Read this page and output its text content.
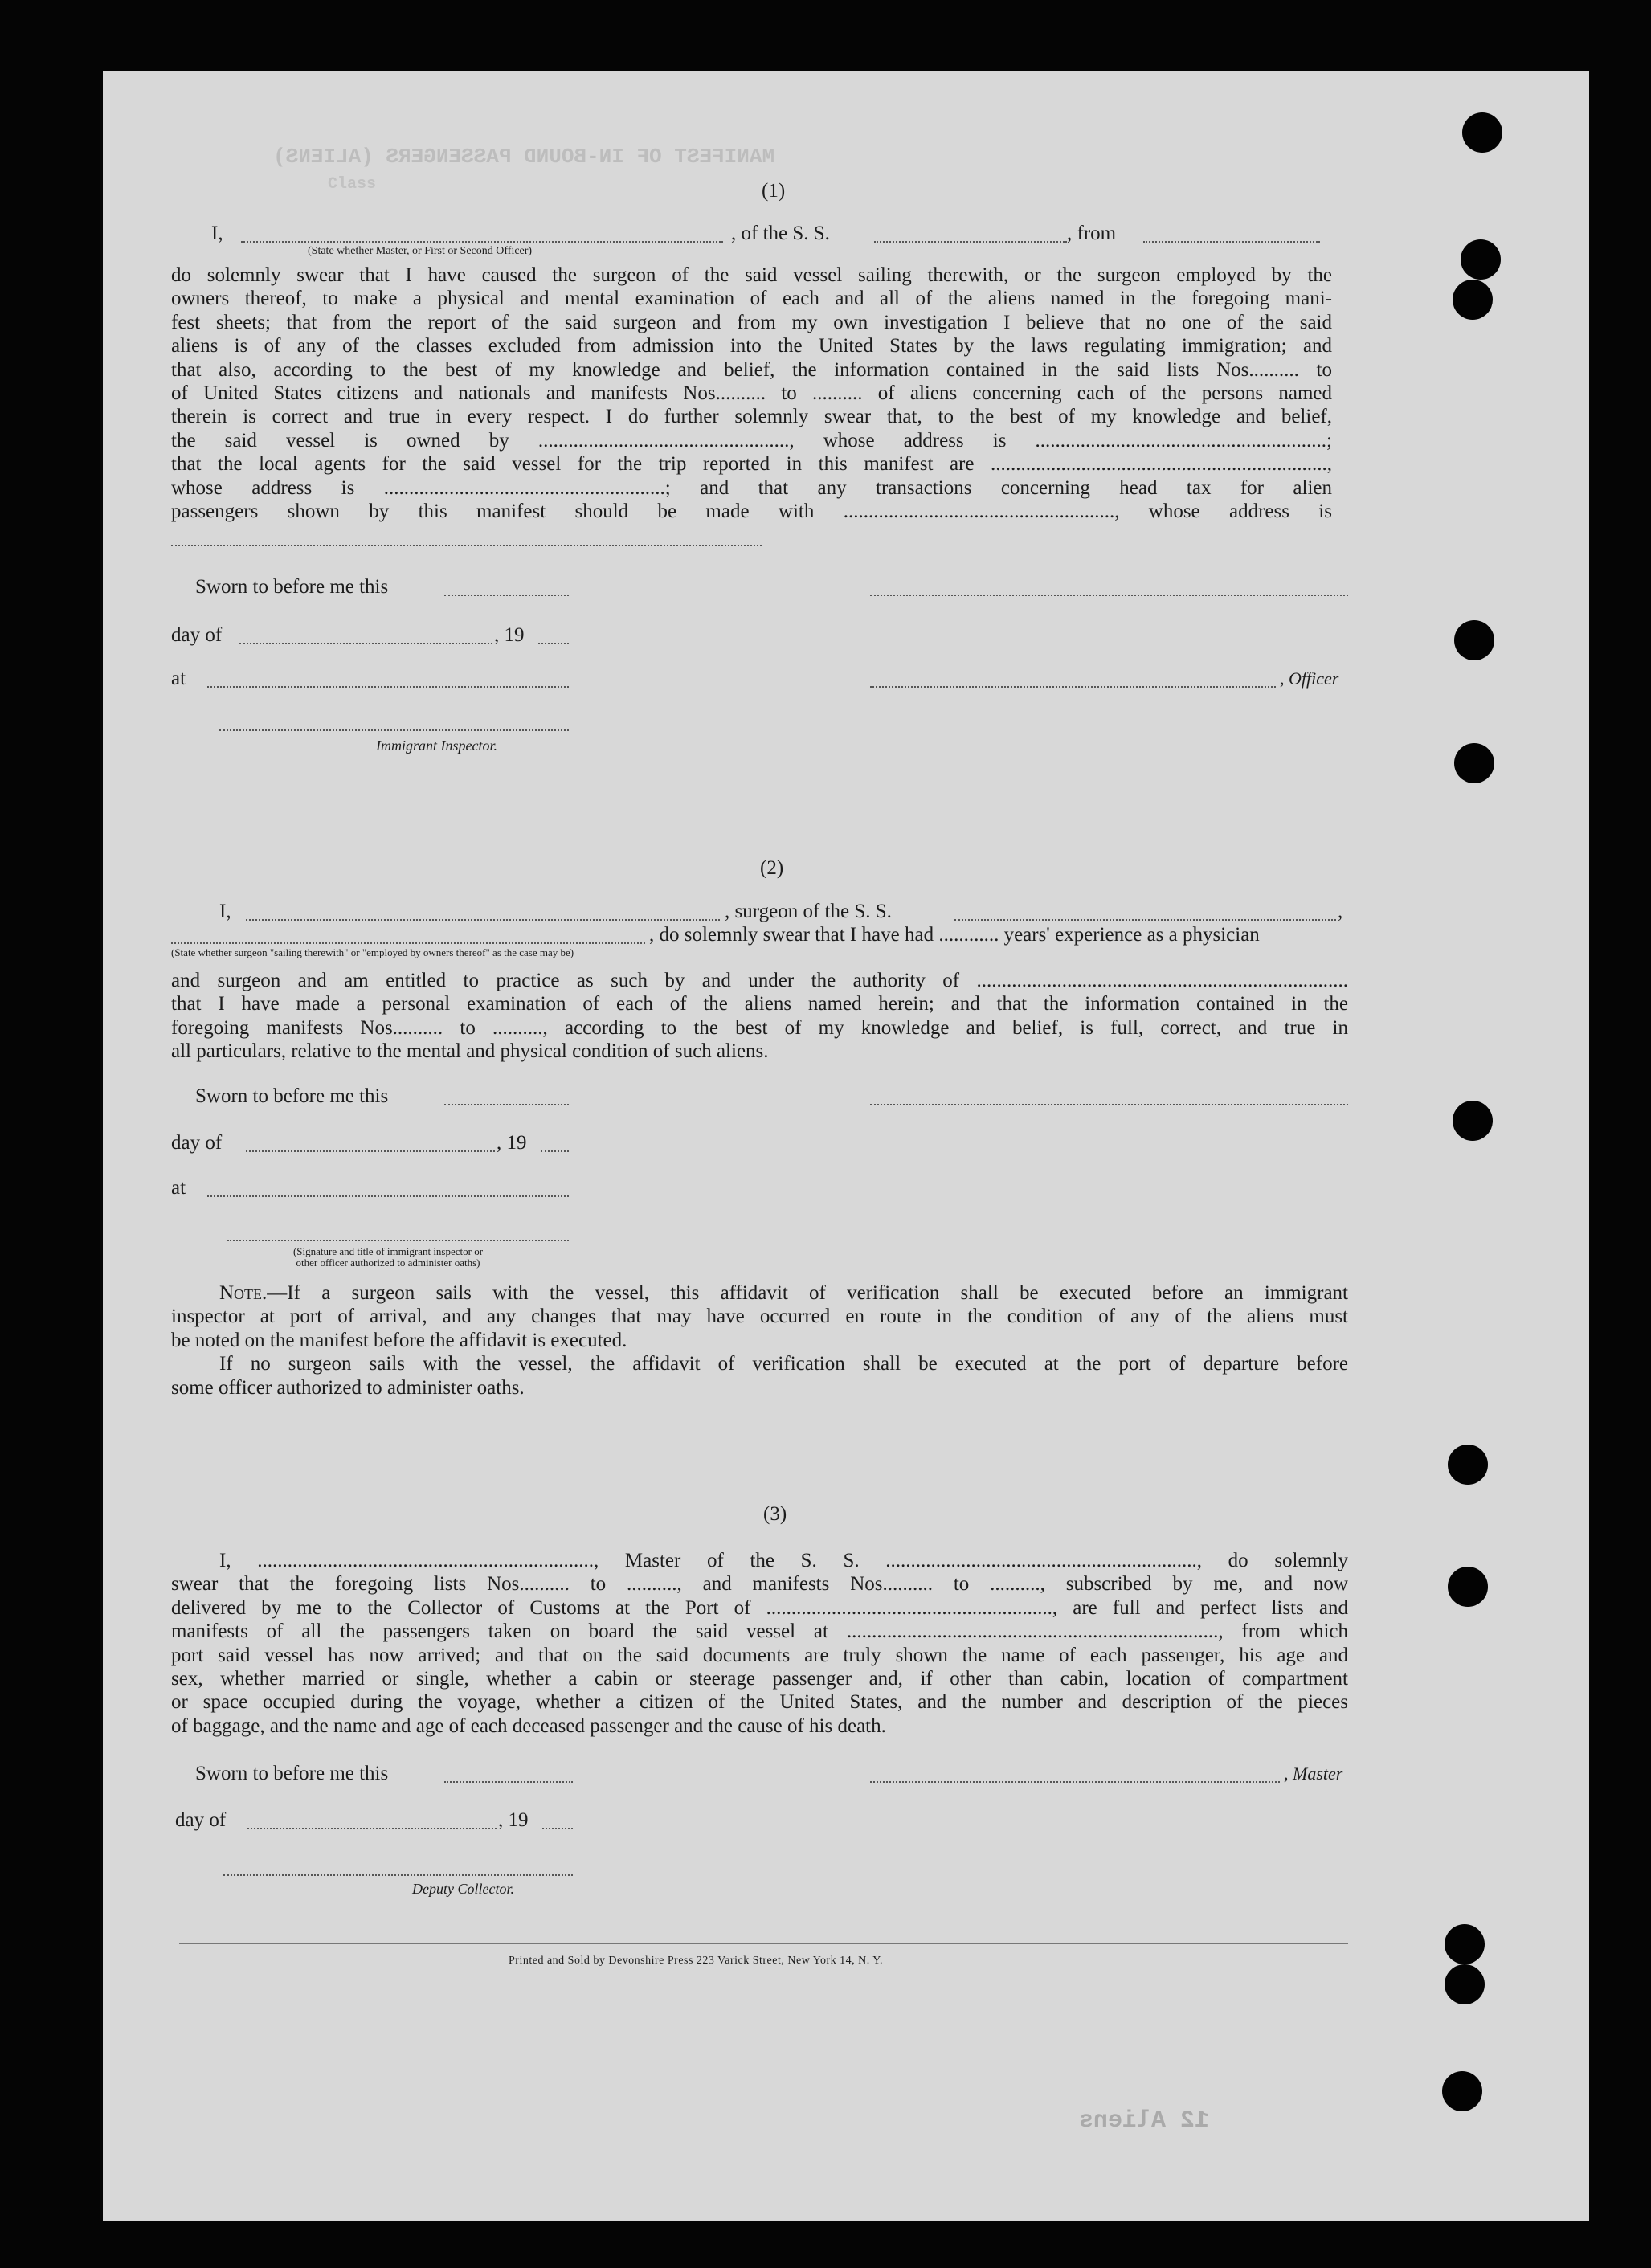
MANIFEST OF IN-BOUND PASSENGERS (ALIENS)
Class

	(1)
I,	, of the S. S.	, from
(State whether Master, or First or Second Officer)
do solemnly swear that I have caused the surgeon of the said vessel sailing therewith, or the surgeon employed by the
owners thereof, to make a physical and mental examination of each and all of the aliens named in the foregoing mani-
fest sheets; that from the report of the said surgeon and from my own investigation I believe that no one of the said
aliens is of any of the classes excluded from admission into the United States by the laws regulating immigration; and
that also, according to the best of my knowledge and belief, the information contained in the said lists Nos.......... to
of United States citizens and nationals and manifests Nos.......... to .......... of aliens concerning each of the persons named
therein is correct and true in every respect. I do further solemnly swear that, to the best of my knowledge and belief,
the said vessel is owned by .................................................., whose address is ..........................................................;
that the local agents for the said vessel for the trip reported in this manifest are ...................................................................,
whose address is ........................................................; and that any transactions concerning head tax for alien
passengers shown by this manifest should be made with ......................................................, whose address is
Sworn to before me this
day of	, 19
at	, Officer
Immigrant Inspector.
(2)
I,	, surgeon of the S. S.	,
, do solemnly swear that I have had ............ years' experience as a physician
(State whether surgeon "sailing therewith" or "employed by owners thereof" as the case may be)
and surgeon and am entitled to practice as such by and under the authority of ..........................................................................
that I have made a personal examination of each of the aliens named herein; and that the information contained in the
foregoing manifests Nos.......... to .........., according to the best of my knowledge and belief, is full, correct, and true in
all particulars, relative to the mental and physical condition of such aliens.
Sworn to before me this
day of	, 19
at
(Signature and title of immigrant inspector or
other officer authorized to administer oaths)
Note.—If a surgeon sails with the vessel, this affidavit of verification shall be executed before an immigrant
inspector at port of arrival, and any changes that may have occurred en route in the condition of any of the aliens must
be noted on the manifest before the affidavit is executed.
If no surgeon sails with the vessel, the affidavit of verification shall be executed at the port of departure before
some officer authorized to administer oaths.
(3)
I, ..................................................................., Master of the S. S. .............................................................., do solemnly
swear that the foregoing lists Nos.......... to .........., and manifests Nos.......... to .........., subscribed by me, and now
delivered by me to the Collector of Customs at the Port of ........................................................., are full and perfect lists and
manifests of all the passengers taken on board the said vessel at .........................................................................., from which
port said vessel has now arrived; and that on the said documents are truly shown the name of each passenger, his age and
sex, whether married or single, whether a cabin or steerage passenger and, if other than cabin, location of compartment
or space occupied during the voyage, whether a citizen of the United States, and the number and description of the pieces
of baggage, and the name and age of each deceased passenger and the cause of his death.
Sworn to before me this	, Master
day of	, 19
Deputy Collector.
Printed and Sold by Devonshire Press 223 Varick Street, New York 14, N. Y.
12 Aliens
